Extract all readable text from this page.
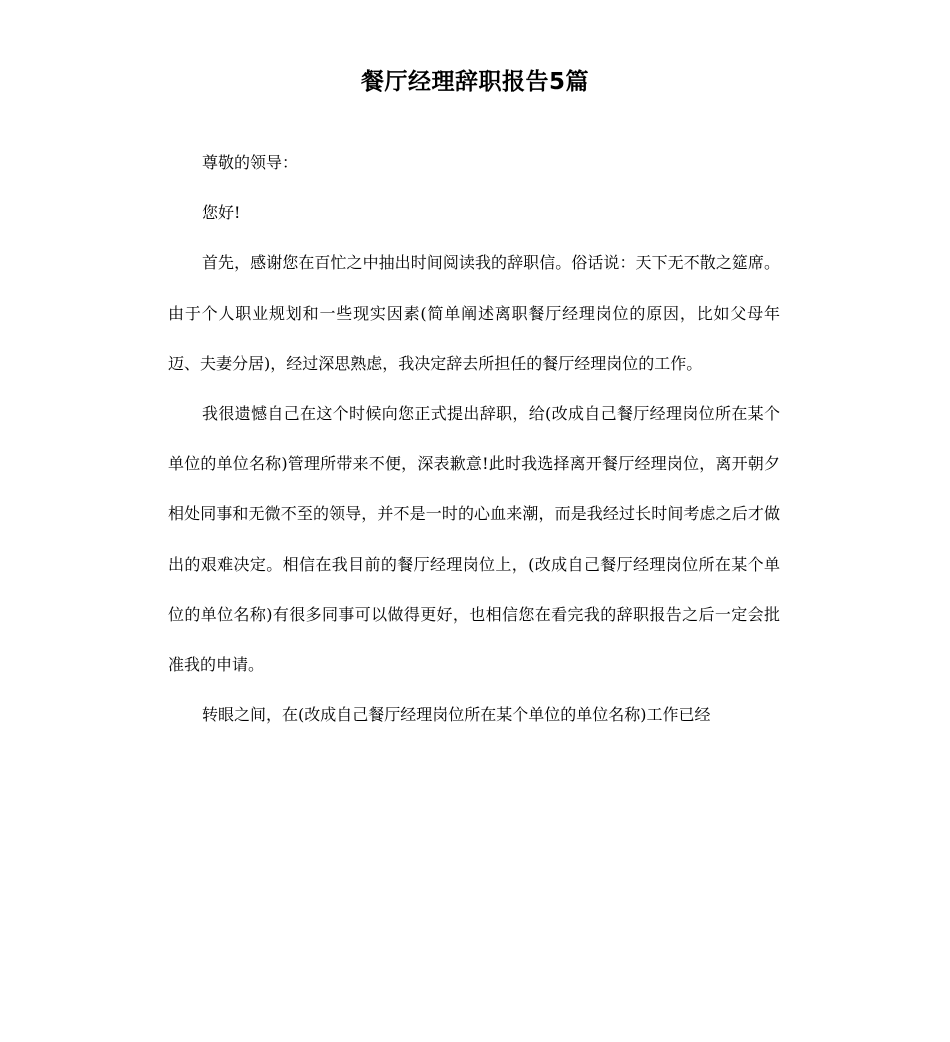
餐厅经理辞职报告5篇

尊敬的领导：

您好!

首先，感谢您在百忙之中抽出时间阅读我的辞职信。俗话说：天下无不散之筵席。由于个人职业规划和一些现实因素(简单阐述离职餐厅经理岗位的原因，比如父母年迈、夫妻分居)，经过深思熟虑，我决定辞去所担任的餐厅经理岗位的工作。

我很遗憾自己在这个时候向您正式提出辞职，给(改成自己餐厅经理岗位所在某个单位的单位名称)管理所带来不便，深表歉意!此时我选择离开餐厅经理岗位，离开朝夕相处同事和无微不至的领导，并不是一时的心血来潮，而是我经过长时间考虑之后才做出的艰难决定。相信在我目前的餐厅经理岗位上，(改成自己餐厅经理岗位所在某个单位的单位名称)有很多同事可以做得更好，也相信您在看完我的辞职报告之后一定会批准我的申请。

转眼之间，在(改成自己餐厅经理岗位所在某个单位的单位名称)工作已经
